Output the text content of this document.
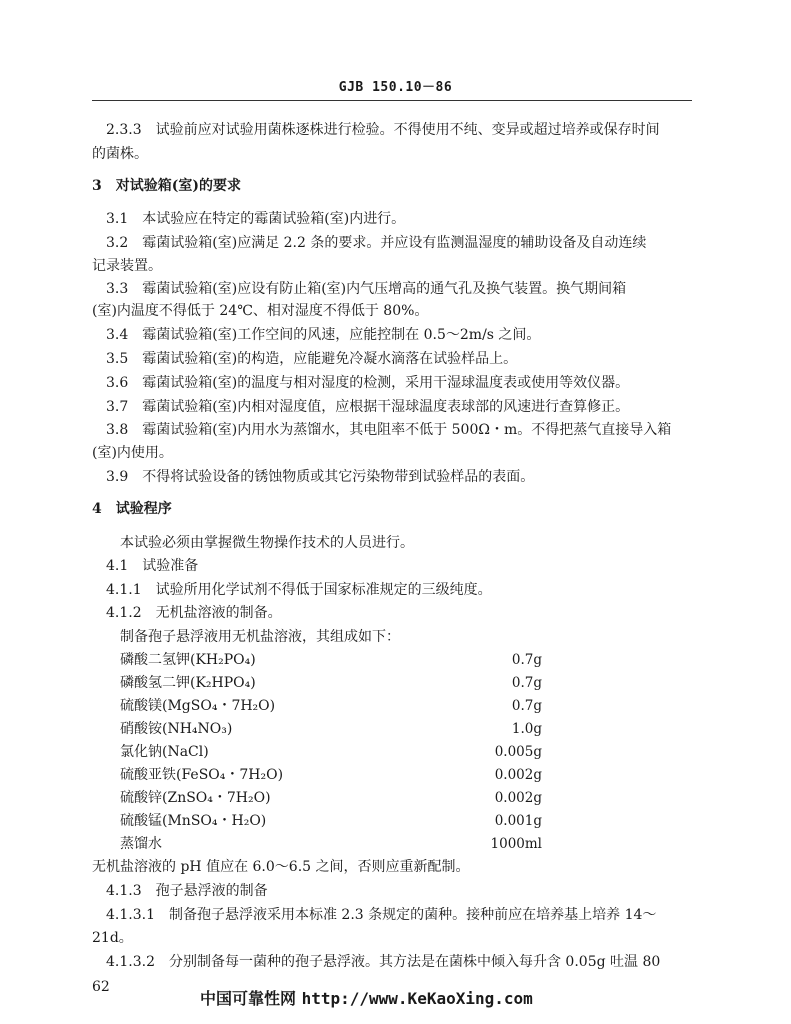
GJB 150.10－86
2.3.3　试验前应对试验用菌株逐株进行检验。不得使用不纯、变异或超过培养或保存时间
的菌株。
3　对试验箱(室)的要求
3.1　本试验应在特定的霉菌试验箱(室)内进行。
3.2　霉菌试验箱(室)应满足 2.2 条的要求。并应设有监测温湿度的辅助设备及自动连续
记录装置。
3.3　霉菌试验箱(室)应设有防止箱(室)内气压增高的通气孔及换气装置。换气期间箱
(室)内温度不得低于 24℃、相对湿度不得低于 80%。
3.4　霉菌试验箱(室)工作空间的风速，应能控制在 0.5～2m/s 之间。
3.5　霉菌试验箱(室)的构造，应能避免冷凝水滴落在试验样品上。
3.6　霉菌试验箱(室)的温度与相对湿度的检测，采用干湿球温度表或使用等效仪器。
3.7　霉菌试验箱(室)内相对湿度值，应根据干湿球温度表球部的风速进行查算修正。
3.8　霉菌试验箱(室)内用水为蒸馏水，其电阻率不低于 500Ω・m。不得把蒸气直接导入箱
(室)内使用。
3.9　不得将试验设备的锈蚀物质或其它污染物带到试验样品的表面。
4　试验程序
本试验必须由掌握微生物操作技术的人员进行。
4.1　试验准备
4.1.1　试验所用化学试剂不得低于国家标准规定的三级纯度。
4.1.2　无机盐溶液的制备。
制备孢子悬浮液用无机盐溶液，其组成如下：
磷酸二氢钾(KH₂PO₄)	0.7g
磷酸氢二钾(K₂HPO₄)	0.7g
硫酸镁(MgSO₄・7H₂O)	0.7g
硝酸铵(NH₄NO₃)	1.0g
氯化钠(NaCl)	0.005g
硫酸亚铁(FeSO₄・7H₂O)	0.002g
硫酸锌(ZnSO₄・7H₂O)	0.002g
硫酸锰(MnSO₄・H₂O)	0.001g
蒸馏水	1000ml
无机盐溶液的 pH 值应在 6.0～6.5 之间，否则应重新配制。
4.1.3　孢子悬浮液的制备
4.1.3.1　制备孢子悬浮液采用本标准 2.3 条规定的菌种。接种前应在培养基上培养 14～
21d。
4.1.3.2　分别制备每一菌种的孢子悬浮液。其方法是在菌株中倾入每升含 0.05g 吐温 80
62
中国可靠性网 http://www.KeKaoXing.com
